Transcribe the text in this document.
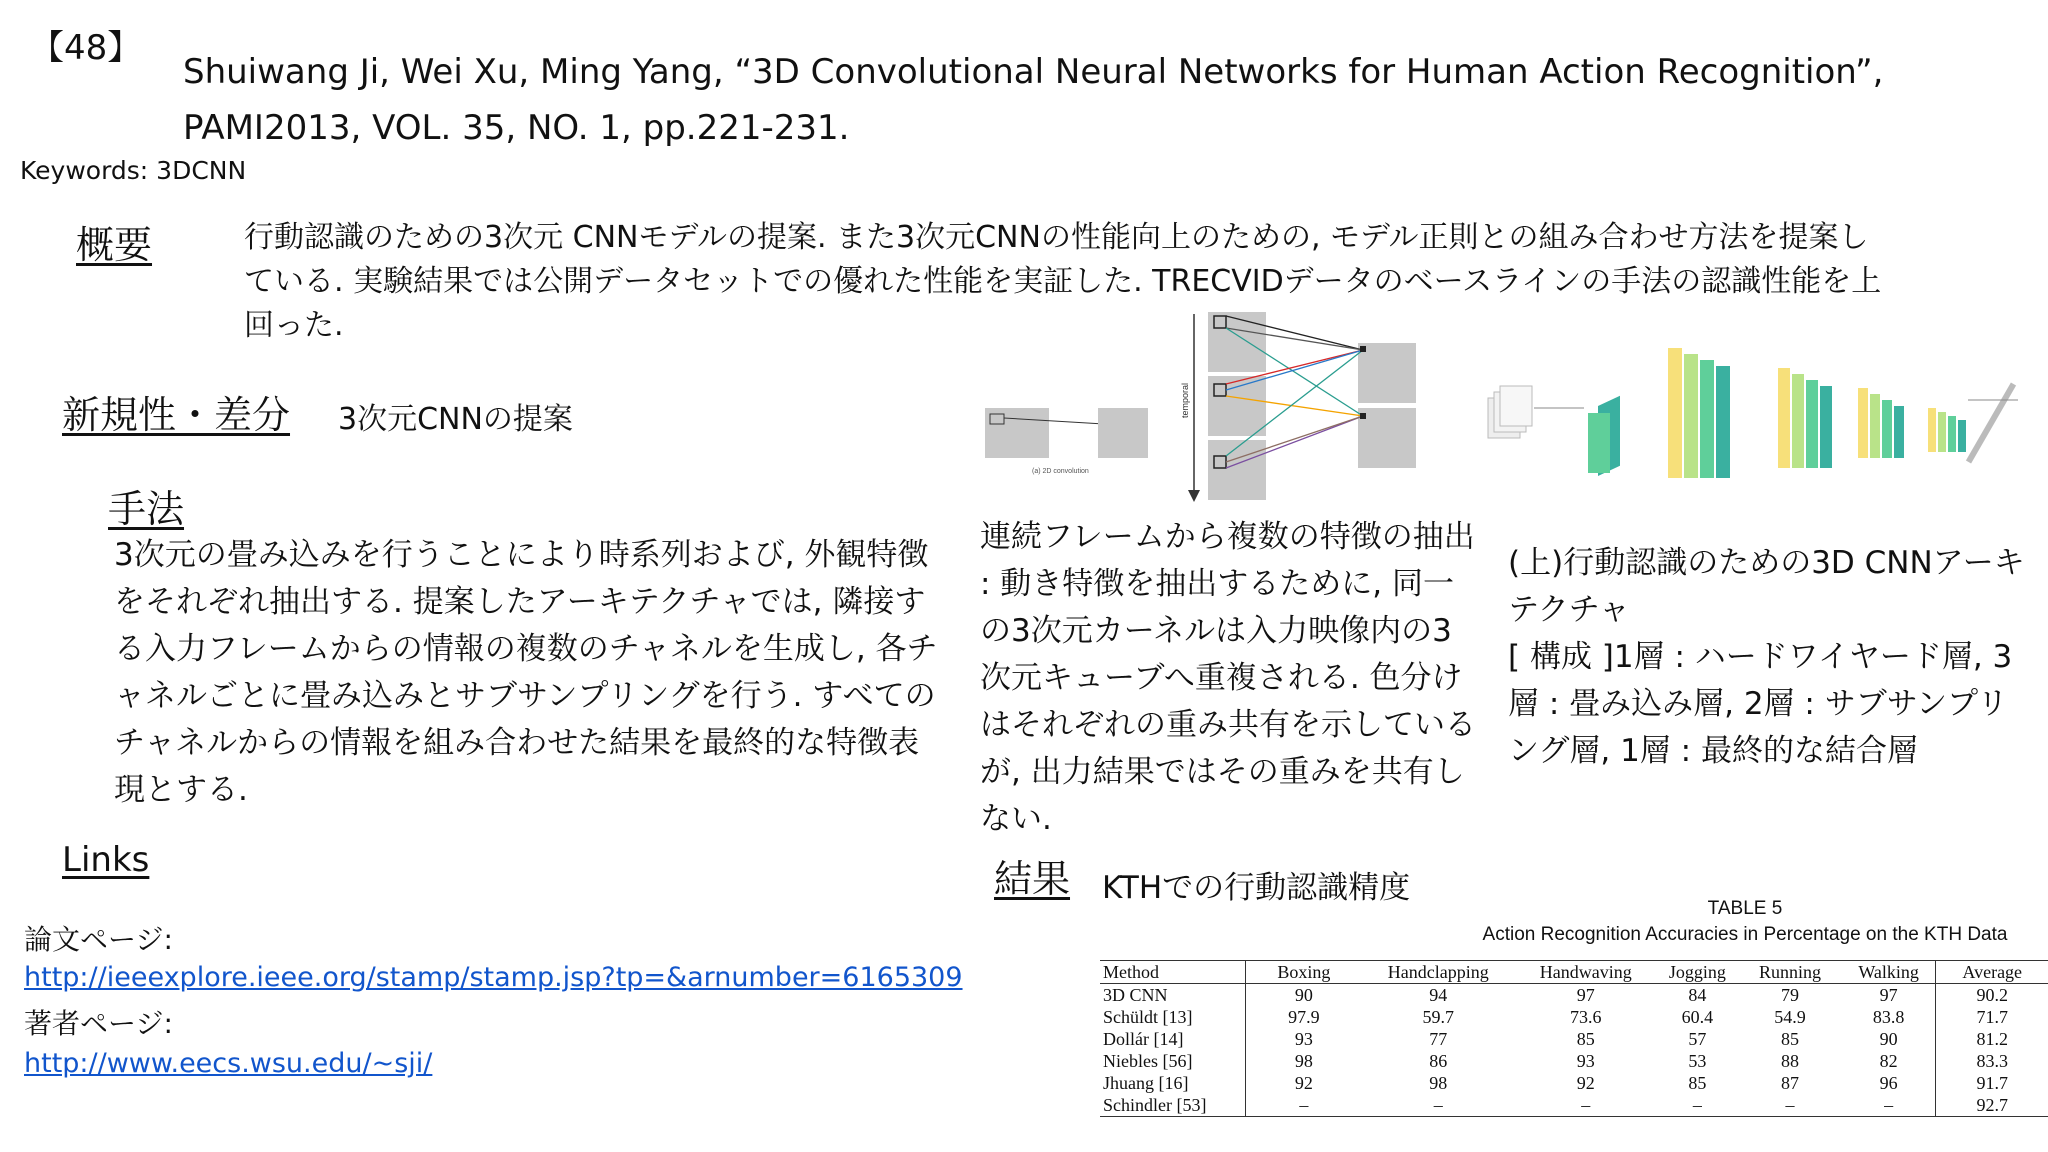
【48】
Shuiwang Ji, Wei Xu, Ming Yang, “3D Convolutional Neural Networks for Human Action Recognition”,
PAMI2013, VOL. 35, NO. 1, pp.221-231.
Keywords: 3DCNN
概要	行動認識のための3次元 CNNモデルの提案. また3次元CNNの性能向上のための, モデル正則との組み合わせ方法を提案している. 実験結果では公開データセットでの優れた性能を実証した. TRECVIDデータのベースラインの手法の認識性能を上回った.
新規性・差分 3次元CNNの提案
手法
3次元の畳み込みを行うことにより時系列および, 外観特徴をそれぞれ抽出する. 提案したアーキテクチャでは, 隣接する入力フレームからの情報の複数のチャネルを生成し, 各チャネルごとに畳み込みとサブサンプリングを行う. すべてのチャネルからの情報を組み合わせた結果を最終的な特徴表現とする.
Links
論文ページ:
http://ieeexplore.ieee.org/stamp/stamp.jsp?tp=&arnumber=6165309
著者ページ:
http://www.eecs.wsu.edu/~sji/
(a) 2D convolution
temporal
連続フレームから複数の特徴の抽出 : 動き特徴を抽出するために, 同一の3次元カーネルは入力映像内の3次元キューブへ重複される. 色分けはそれぞれの重み共有を示しているが, 出力結果ではその重みを共有しない.
(上)行動認識のための3D CNNアーキテクチャ
[ 構成 ]1層 : ハードワイヤード層, 3層 : 畳み込み層, 2層 : サブサンプリング層, 1層 : 最終的な結合層
結果 KTHでの行動認識精度
TABLE 5
Action Recognition Accuracies in Percentage on the KTH Data
Method	Boxing	Handclapping	Handwaving	Jogging	Running	Walking	Average
3D CNN	90	94	97	84	79	97	90.2
Schüldt [13]	97.9	59.7	73.6	60.4	54.9	83.8	71.7
Dollár [14]	93	77	85	57	85	90	81.2
Niebles [56]	98	86	93	53	88	82	83.3
Jhuang [16]	92	98	92	85	87	96	91.7
Schindler [53]	–	–	–	–	–	–	92.7
